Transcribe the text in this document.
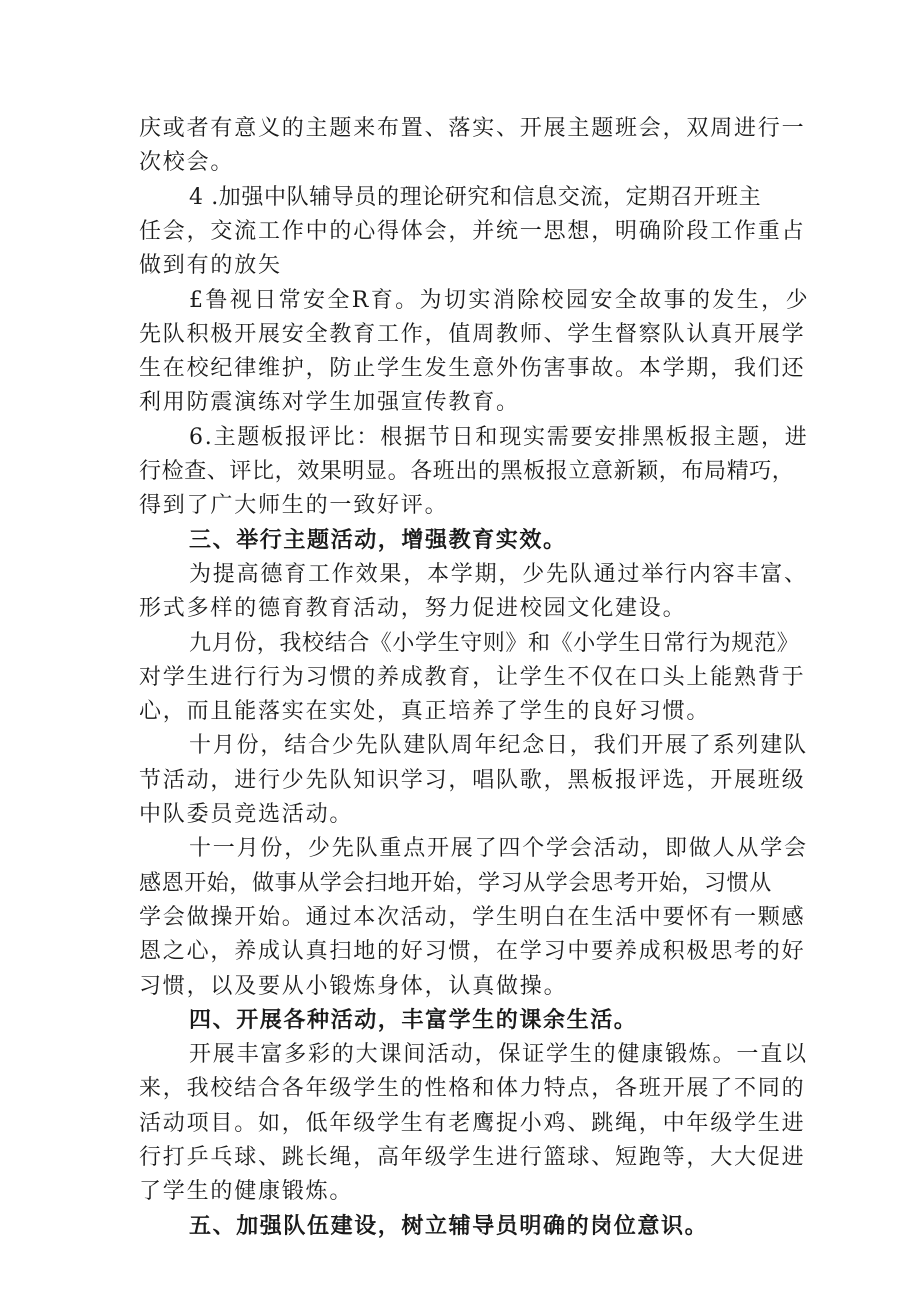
庆或者有意义的主题来布置、落实、开展主题班会，双周进行一
次校会。
4 .加强中队辅导员的理论研究和信息交流，定期召开班主
任会，交流工作中的心得体会，并统一思想，明确阶段工作重占
做到有的放矢
£鲁视日常安全R育。为切实消除校园安全故事的发生，少
先队积极开展安全教育工作，值周教师、学生督察队认真开展学
生在校纪律维护，防止学生发生意外伤害事故。本学期，我们还
利用防震演练对学生加强宣传教育。
6.主题板报评比：根据节日和现实需要安排黑板报主题，进
行检查、评比，效果明显。各班出的黑板报立意新颖，布局精巧，
得到了广大师生的一致好评。
三、举行主题活动，增强教育实效。
为提高德育工作效果，本学期，少先队通过举行内容丰富、
形式多样的德育教育活动，努力促进校园文化建设。
九月份，我校结合《小学生守则》和《小学生日常行为规范》
对学生进行行为习惯的养成教育，让学生不仅在口头上能熟背于
心，而且能落实在实处，真正培养了学生的良好习惯。
十月份，结合少先队建队周年纪念日，我们开展了系列建队
节活动，进行少先队知识学习，唱队歌，黑板报评选，开展班级
中队委员竞选活动。
十一月份，少先队重点开展了四个学会活动，即做人从学会
感恩开始，做事从学会扫地开始，学习从学会思考开始，习惯从
学会做操开始。通过本次活动，学生明白在生活中要怀有一颗感
恩之心，养成认真扫地的好习惯，在学习中要养成积极思考的好
习惯，以及要从小锻炼身体，认真做操。
四、开展各种活动，丰富学生的课余生活。
开展丰富多彩的大课间活动，保证学生的健康锻炼。一直以
来，我校结合各年级学生的性格和体力特点，各班开展了不同的
活动项目。如，低年级学生有老鹰捉小鸡、跳绳，中年级学生进
行打乒乓球、跳长绳，高年级学生进行篮球、短跑等，大大促进
了学生的健康锻炼。
五、加强队伍建设，树立辅导员明确的岗位意识。
